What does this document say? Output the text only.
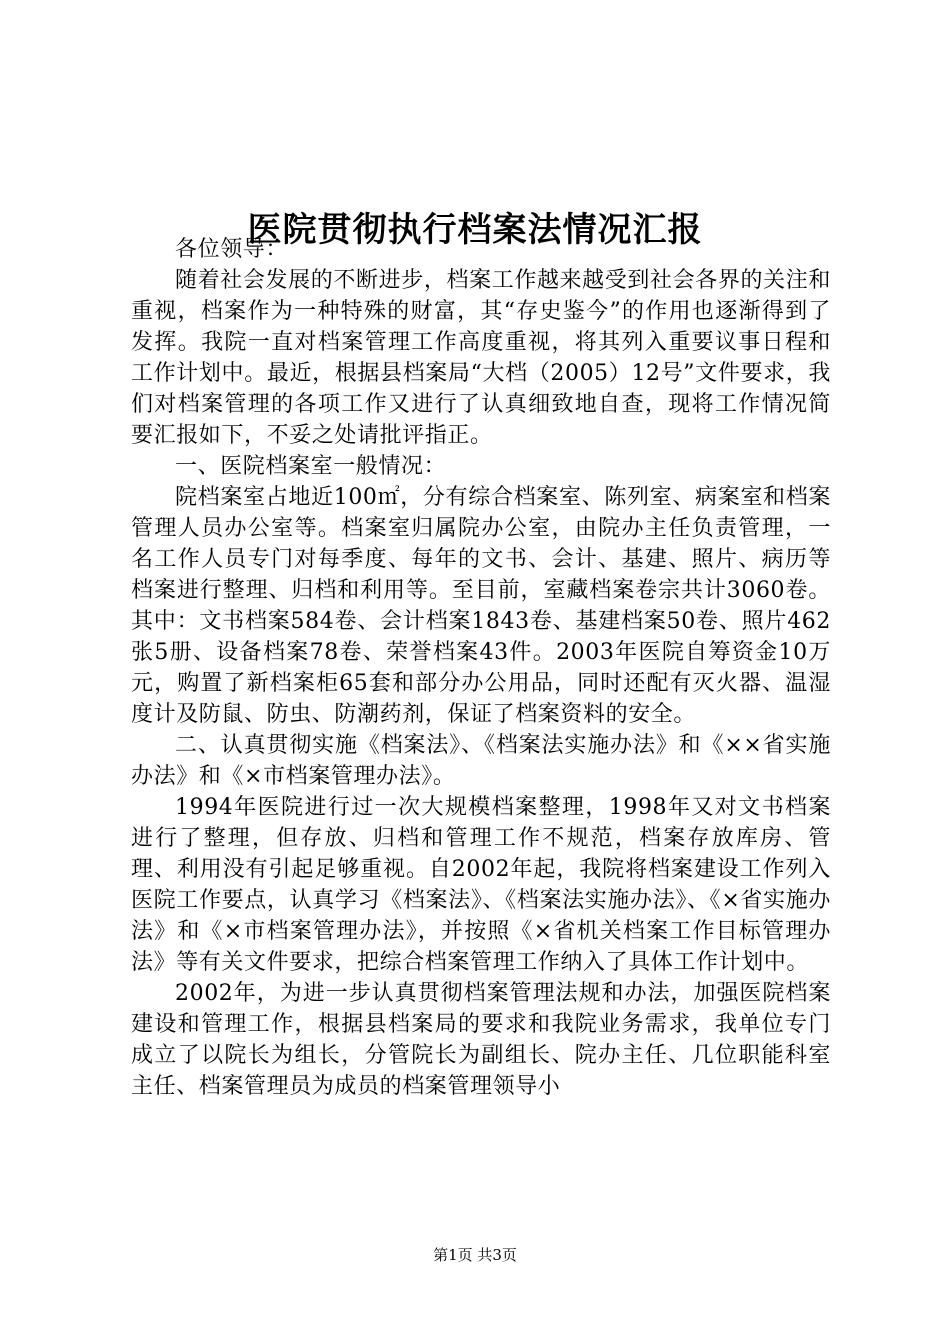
医院贯彻执行档案法情况汇报

各位领导：

随着社会发展的不断进步，档案工作越来越受到社会各界的关注和重视，档案作为一种特殊的财富，其“存史鉴今”的作用也逐渐得到了发挥。我院一直对档案管理工作高度重视，将其列入重要议事日程和工作计划中。最近，根据县档案局“大档（2005）12号”文件要求，我们对档案管理的各项工作又进行了认真细致地自查，现将工作情况简要汇报如下，不妥之处请批评指正。

一、医院档案室一般情况：

院档案室占地近100㎡，分有综合档案室、陈列室、病案室和档案管理人员办公室等。档案室归属院办公室，由院办主任负责管理，一名工作人员专门对每季度、每年的文书、会计、基建、照片、病历等档案进行整理、归档和利用等。至目前，室藏档案卷宗共计3060卷。其中：文书档案584卷、会计档案1843卷、基建档案50卷、照片462张5册、设备档案78卷、荣誉档案43件。2003年医院自筹资金10万元，购置了新档案柜65套和部分办公用品，同时还配有灭火器、温湿度计及防鼠、防虫、防潮药剂，保证了档案资料的安全。

二、认真贯彻实施《档案法》、《档案法实施办法》和《××省实施办法》和《×市档案管理办法》。

1994年医院进行过一次大规模档案整理，1998年又对文书档案进行了整理，但存放、归档和管理工作不规范，档案存放库房、管理、利用没有引起足够重视。自2002年起，我院将档案建设工作列入医院工作要点，认真学习《档案法》、《档案法实施办法》、《×省实施办法》和《×市档案管理办法》，并按照《×省机关档案工作目标管理办法》等有关文件要求，把综合档案管理工作纳入了具体工作计划中。

2002年，为进一步认真贯彻档案管理法规和办法，加强医院档案建设和管理工作，根据县档案局的要求和我院业务需求，我单位专门成立了以院长为组长，分管院长为副组长、院办主任、几位职能科室主任、档案管理员为成员的档案管理领导小

第1页 共3页
